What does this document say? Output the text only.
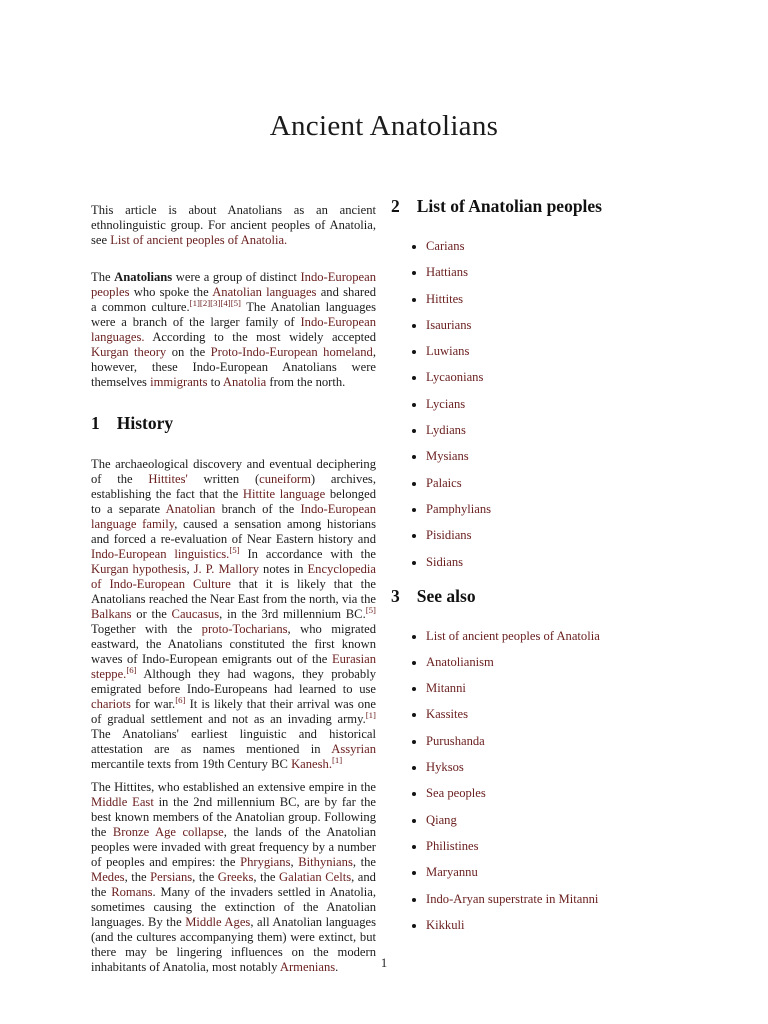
Ancient Anatolians

This article is about Anatolians as an ancient ethnolinguistic group. For ancient peoples of Anatolia, see List of ancient peoples of Anatolia.

The Anatolians were a group of distinct Indo-European peoples who spoke the Anatolian languages and shared a common culture.[1][2][3][4][5] The Anatolian languages were a branch of the larger family of Indo-European languages. According to the most widely accepted Kurgan theory on the Proto-Indo-European homeland, however, these Indo-European Anatolians were themselves immigrants to Anatolia from the north.

1 History

The archaeological discovery and eventual deciphering of the Hittites' written (cuneiform) archives, establishing the fact that the Hittite language belonged to a separate Anatolian branch of the Indo-European language family, caused a sensation among historians and forced a re-evaluation of Near Eastern history and Indo-European linguistics.[5] In accordance with the Kurgan hypothesis, J. P. Mallory notes in Encyclopedia of Indo-European Culture that it is likely that the Anatolians reached the Near East from the north, via the Balkans or the Caucasus, in the 3rd millennium BC.[5] Together with the proto-Tocharians, who migrated eastward, the Anatolians constituted the first known waves of Indo-European emigrants out of the Eurasian steppe.[6] Although they had wagons, they probably emigrated before Indo-Europeans had learned to use chariots for war.[6] It is likely that their arrival was one of gradual settlement and not as an invading army.[1] The Anatolians' earliest linguistic and historical attestation are as names mentioned in Assyrian mercantile texts from 19th Century BC Kanesh.[1]

The Hittites, who established an extensive empire in the Middle East in the 2nd millennium BC, are by far the best known members of the Anatolian group. Following the Bronze Age collapse, the lands of the Anatolian peoples were invaded with great frequency by a number of peoples and empires: the Phrygians, Bithynians, the Medes, the Persians, the Greeks, the Galatian Celts, and the Romans. Many of the invaders settled in Anatolia, sometimes causing the extinction of the Anatolian languages. By the Middle Ages, all Anatolian languages (and the cultures accompanying them) were extinct, but there may be lingering influences on the modern inhabitants of Anatolia, most notably Armenians.

2 List of Anatolian peoples
• Carians
• Hattians
• Hittites
• Isaurians
• Luwians
• Lycaonians
• Lycians
• Lydians
• Mysians
• Palaics
• Pamphylians
• Pisidians
• Sidians
3 See also
• List of ancient peoples of Anatolia
• Anatolianism
• Mitanni
• Kassites
• Purushanda
• Hyksos
• Sea peoples
• Qiang
• Philistines
• Maryannu
• Indo-Aryan superstrate in Mitanni
• Kikkuli
1
